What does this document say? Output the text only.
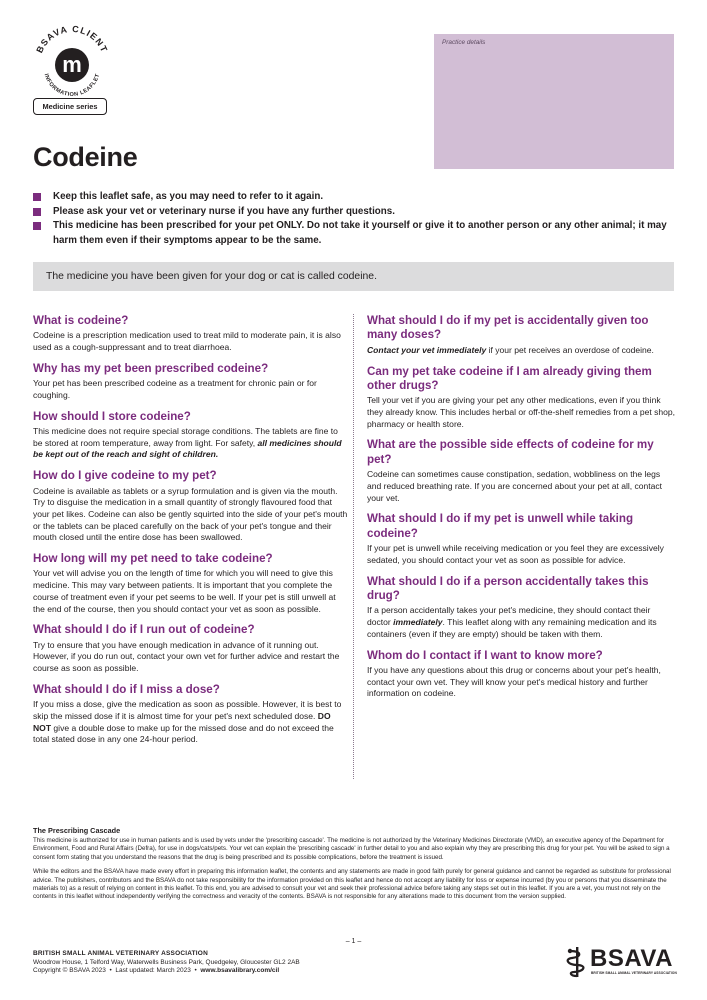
BSAVA CLIENT
INFORMATION LEAFLET
m
Medicine series
Practice details
Codeine
Keep this leaflet safe, as you may need to refer to it again.
Please ask your vet or veterinary nurse if you have any further questions.
This medicine has been prescribed for your pet ONLY. Do not take it yourself or give it to another person or any other animal; it may harm them even if their symptoms appear to be the same.
The medicine you have been given for your dog or cat is called codeine.
What is codeine?

Codeine is a prescription medication used to treat mild to moderate pain, it is also used as a cough-suppressant and to treat diarrhoea.

Why has my pet been prescribed codeine?

Your pet has been prescribed codeine as a treatment for chronic pain or for coughing.

How should I store codeine?

This medicine does not require special storage conditions. The tablets are fine to be stored at room temperature, away from light. For safety, all medicines should be kept out of the reach and sight of children.

How do I give codeine to my pet?

Codeine is available as tablets or a syrup formulation and is given via the mouth. Try to disguise the medication in a small quantity of strongly flavoured food that your pet likes. Codeine can also be gently squirted into the side of your pet's mouth or the tablets can be placed carefully on the back of your pet's tongue and their mouth closed until the entire dose has been swallowed.

How long will my pet need to take codeine?

Your vet will advise you on the length of time for which you will need to give this medicine. This may vary between patients. It is important that you complete the course of treatment even if your pet seems to be well. If your pet is still unwell at the end of the course, then you should contact your vet as soon as possible.

What should I do if I run out of codeine?

Try to ensure that you have enough medication in advance of it running out. However, if you do run out, contact your own vet for further advice and restart the course as soon as possible.

What should I do if I miss a dose?

If you miss a dose, give the medication as soon as possible. However, it is best to skip the missed dose if it is almost time for your pet's next scheduled dose. DO NOT give a double dose to make up for the missed dose and do not exceed the total stated dose in any one 24-hour period.

What should I do if my pet is accidentally given too many doses?

Contact your vet immediately if your pet receives an overdose of codeine.

Can my pet take codeine if I am already giving them other drugs?

Tell your vet if you are giving your pet any other medications, even if you think they already know. This includes herbal or off-the-shelf remedies from a pet shop, pharmacy or health store.

What are the possible side effects of codeine for my pet?

Codeine can sometimes cause constipation, sedation, wobbliness on the legs and reduced breathing rate. If you are concerned about your pet at all, contact your vet.

What should I do if my pet is unwell while taking codeine?

If your pet is unwell while receiving medication or you feel they are excessively sedated, you should contact your vet as soon as possible for advice.

What should I do if a person accidentally takes this drug?

If a person accidentally takes your pet's medicine, they should contact their doctor immediately. This leaflet along with any remaining medication and its containers (even if they are empty) should be taken with them.

Whom do I contact if I want to know more?

If you have any questions about this drug or concerns about your pet's health, contact your own vet. They will know your pet's medical history and further information on codeine.

The Prescribing Cascade

This medicine is authorized for use in human patients and is used by vets under the 'prescribing cascade'. The medicine is not authorized by the Veterinary Medicines Directorate (VMD), an executive agency of the Department for Environment, Food and Rural Affairs (Defra), for use in dogs/cats/pets. Your vet can explain the 'prescribing cascade' in further detail to you and also explain why they are prescribing this drug for your pet. You will be asked to sign a consent form stating that you understand the reasons that the drug is being prescribed and its possible complications, before the treatment is issued.

While the editors and the BSAVA have made every effort in preparing this information leaflet, the contents and any statements are made in good faith purely for general guidance and cannot be regarded as substitute for professional advice. The publishers, contributors and the BSAVA do not take responsibility for the information provided on this leaflet and hence do not accept any liability for loss or expense incurred (by you or persons that you disseminate the materials to) as a result of relying on content in this leaflet. To this end, you are advised to consult your vet and seek their professional advice before taking any steps set out in this leaflet. If you are a vet, you must not rely on the contents in this leaflet without independently verifying the correctness and veracity of the contents. BSAVA is not responsible for any alterations made to this document from the version supplied.

– 1 –
BRITISH SMALL ANIMAL VETERINARY ASSOCIATION
Woodrow House, 1 Telford Way, Waterwells Business Park, Quedgeley, Gloucester GL2 2AB
Copyright © BSAVA 2023  •  Last updated: March 2023  •  www.bsavalibrary.com/cil	BSAVA
BRITISH SMALL ANIMAL VETERINARY ASSOCIATION
